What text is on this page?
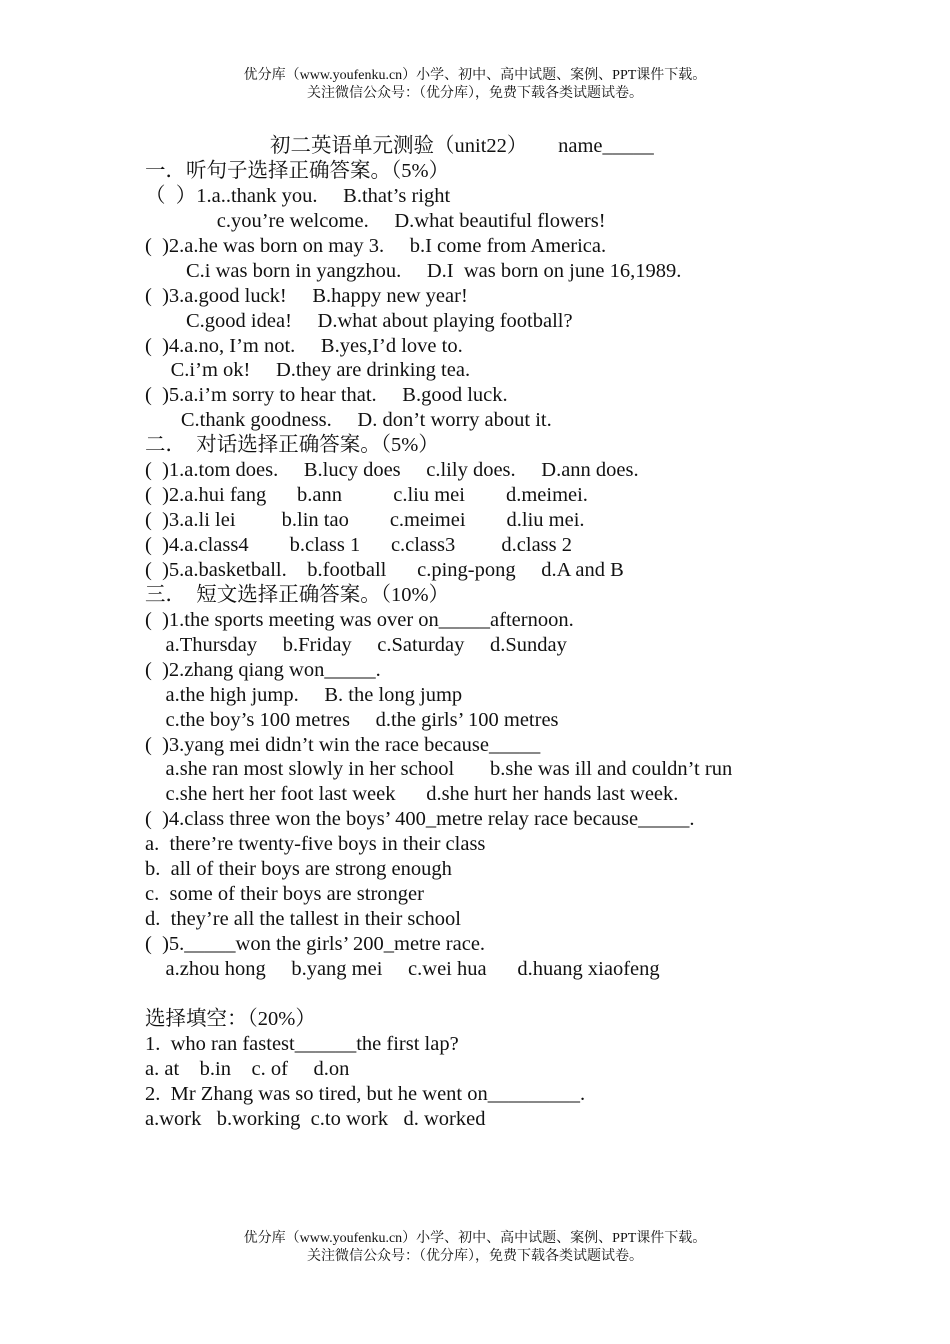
优分库（www.youfenku.cn）小学、初中、高中试题、案例、PPT课件下载。
关注微信公众号：（优分库），免费下载各类试题试卷。
初二英语单元测验（unit22）      name_____
一．听句子选择正确答案。（5%）
（  ）1.a..thank you.     B.that’s right
c.you’re welcome.     D.what beautiful flowers!
(  )2.a.he was born on may 3.     b.I come from America.
C.i was born in yangzhou.     D.I  was born on june 16,1989.
(  )3.a.good luck!     B.happy new year!
C.good idea!     D.what about playing football?
(  )4.a.no, I’m not.     B.yes,I’d love to.
C.i’m ok!     D.they are drinking tea.
(  )5.a.i’m sorry to hear that.     B.good luck.
C.thank goodness.     D. don’t worry about it.
二．  对话选择正确答案。（5%）
(  )1.a.tom does.     B.lucy does     c.lily does.     D.ann does.
(  )2.a.hui fang      b.ann          c.liu mei        d.meimei.
(  )3.a.li lei         b.lin tao        c.meimei        d.liu mei.
(  )4.a.class4        b.class 1      c.class3         d.class 2
(  )5.a.basketball.    b.football      c.ping-pong     d.A and B
三．  短文选择正确答案。（10%）
(  )1.the sports meeting was over on_____afternoon.
a.Thursday     b.Friday     c.Saturday     d.Sunday
(  )2.zhang qiang won_____.
a.the high jump.     B. the long jump
c.the boy’s 100 metres     d.the girls’ 100 metres
(  )3.yang mei didn’t win the race because_____
a.she ran most slowly in her school       b.she was ill and couldn’t run
c.she hert her foot last week      d.she hurt her hands last week.
(  )4.class three won the boys’ 400_metre relay race because_____.
a.  there’re twenty-five boys in their class
b.  all of their boys are strong enough
c.  some of their boys are stronger
d.  they’re all the tallest in their school
(  )5._____won the girls’ 200_metre race.
a.zhou hong     b.yang mei     c.wei hua      d.huang xiaofeng
选择填空：（20%）
1.  who ran fastest______the first lap?
a. at    b.in    c. of     d.on
2.  Mr Zhang was so tired, but he went on_________.
a.work   b.working  c.to work   d. worked
优分库（www.youfenku.cn）小学、初中、高中试题、案例、PPT课件下载。
关注微信公众号：（优分库），免费下载各类试题试卷。
